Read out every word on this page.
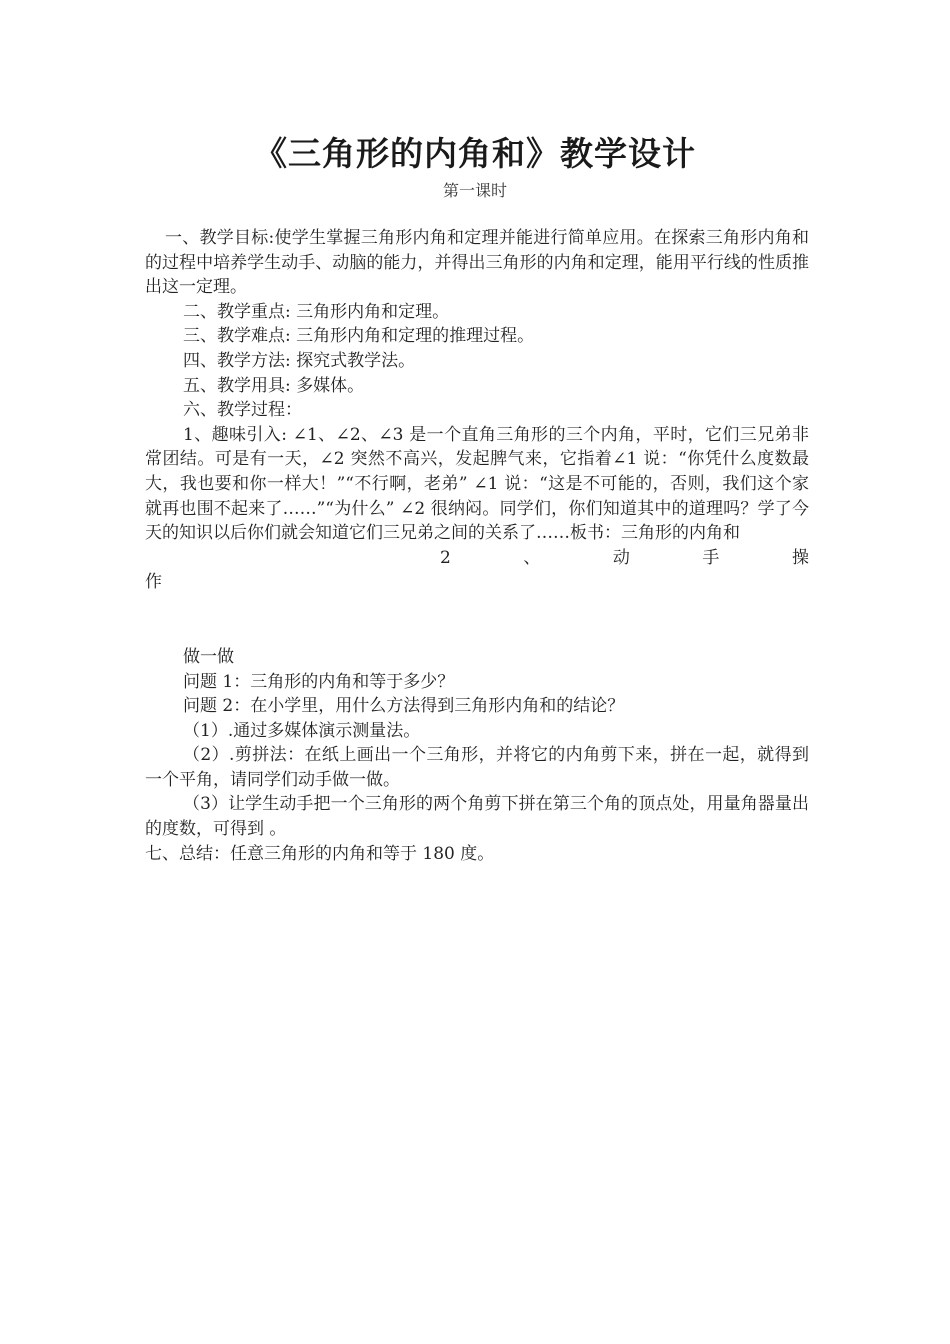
《三角形的内角和》教学设计
第一课时

一、教学目标:使学生掌握三角形内角和定理并能进行简单应用。在探索三角形内角和的过程中培养学生动手、动脑的能力，并得出三角形的内角和定理，能用平行线的性质推出这一定理。

二、教学重点: 三角形内角和定理。

三、教学难点: 三角形内角和定理的推理过程。

四、教学方法: 探究式教学法。

五、教学用具: 多媒体。

六、教学过程：

1、趣味引入: ∠1、∠2、∠3 是一个直角三角形的三个内角，平时，它们三兄弟非常团结。可是有一天，∠2 突然不高兴，发起脾气来，它指着∠1 说：“你凭什么度数最大，我也要和你一样大！”“不行啊，老弟” ∠1 说：“这是不可能的，否则，我们这个家就再也围不起来了……”“为什么” ∠2 很纳闷。同学们，你们知道其中的道理吗？学了今天的知识以后你们就会知道它们三兄弟之间的关系了……板书：三角形的内角和

2	、	动	手	操

作

做一做

问题 1：三角形的内角和等于多少？

问题 2：在小学里，用什么方法得到三角形内角和的结论？

（1）.通过多媒体演示测量法。

（2）.剪拼法：在纸上画出一个三角形，并将它的内角剪下来，拼在一起，就得到一个平角，请同学们动手做一做。

（3）让学生动手把一个三角形的两个角剪下拼在第三个角的顶点处，用量角器量出 的度数，可得到 。

七、总结：任意三角形的内角和等于 180 度。
